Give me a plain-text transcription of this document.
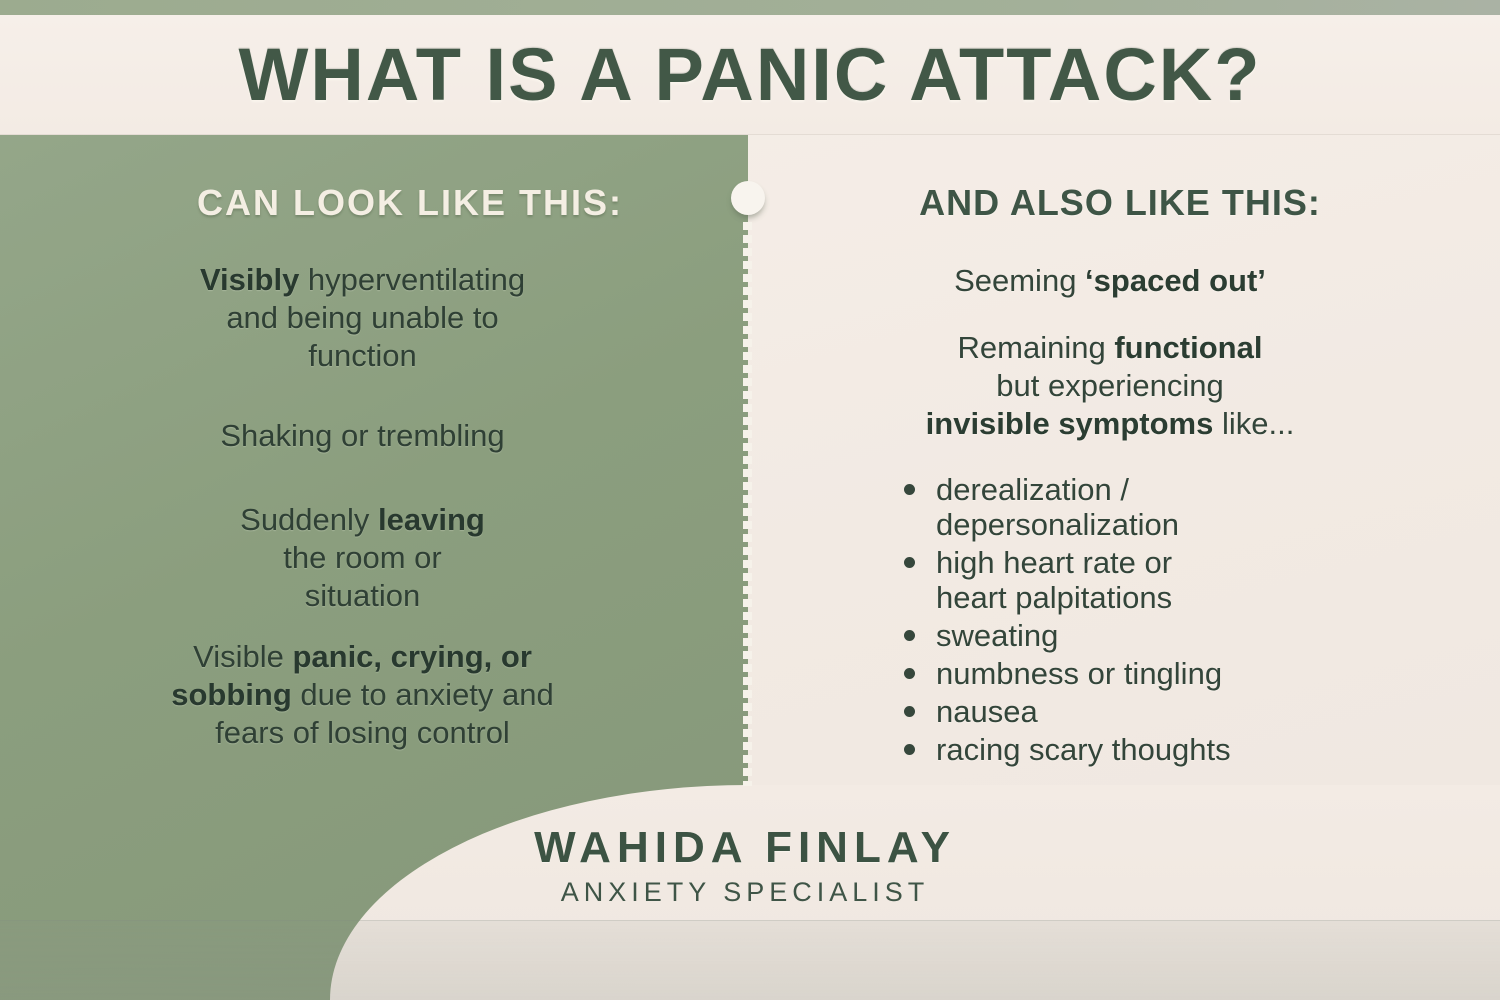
WHAT IS A PANIC ATTACK?
CAN LOOK LIKE THIS:
Visibly hyperventilating
and being unable to
function
Shaking or trembling
Suddenly leaving
the room or
situation
Visible panic, crying, or
sobbing due to anxiety and
fears of losing control
AND ALSO LIKE THIS:
Seeming ‘spaced out’
Remaining functional
but experiencing
invisible symptoms like...
derealization /
depersonalization
high heart rate or
heart palpitations
sweating
numbness or tingling
nausea
racing scary thoughts
WAHIDA FINLAY
ANXIETY SPECIALIST
